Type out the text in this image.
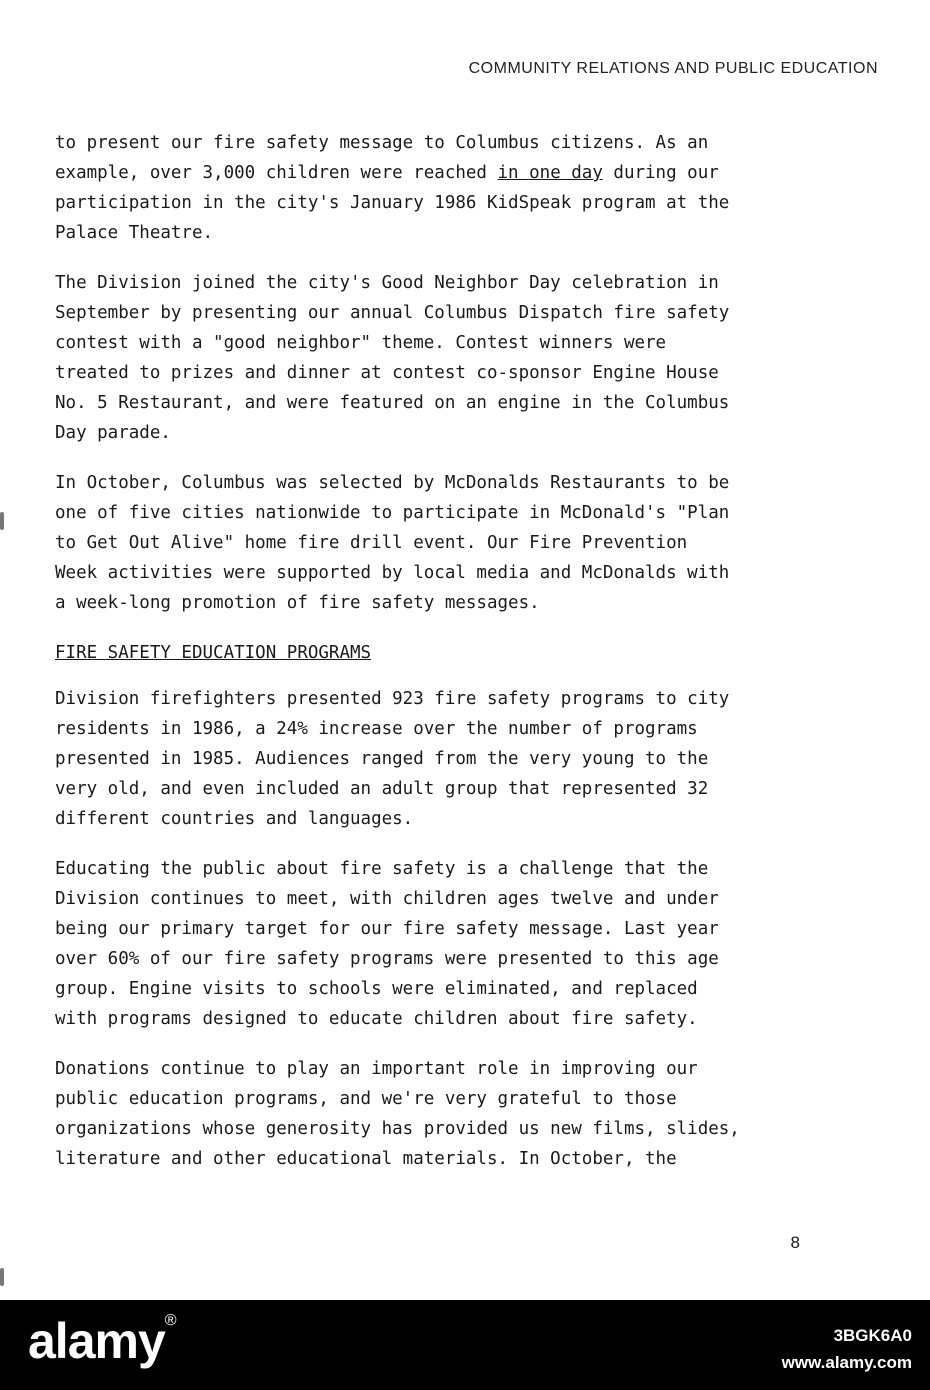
COMMUNITY RELATIONS AND PUBLIC EDUCATION

to present our fire safety message to Columbus citizens. As an
example, over 3,000 children were reached in one day during our
participation in the city's January 1986 KidSpeak program at the
Palace Theatre.

The Division joined the city's Good Neighbor Day celebration in
September by presenting our annual Columbus Dispatch fire safety
contest with a "good neighbor" theme. Contest winners were
treated to prizes and dinner at contest co-sponsor Engine House
No. 5 Restaurant, and were featured on an engine in the Columbus
Day parade.

In October, Columbus was selected by McDonalds Restaurants to be
one of five cities nationwide to participate in McDonald's "Plan
to Get Out Alive" home fire drill event. Our Fire Prevention
Week activities were supported by local media and McDonalds with
a week-long promotion of fire safety messages.

FIRE SAFETY EDUCATION PROGRAMS

Division firefighters presented 923 fire safety programs to city
residents in 1986, a 24% increase over the number of programs
presented in 1985. Audiences ranged from the very young to the
very old, and even included an adult group that represented 32
different countries and languages.

Educating the public about fire safety is a challenge that the
Division continues to meet, with children ages twelve and under
being our primary target for our fire safety message. Last year
over 60% of our fire safety programs were presented to this age
group. Engine visits to schools were eliminated, and replaced
with programs designed to educate children about fire safety.

Donations continue to play an important role in improving our
public education programs, and we're very grateful to those
organizations whose generosity has provided us new films, slides,
literature and other educational materials. In October, the

8
alamy®
3BGK6A0
www.alamy.com
